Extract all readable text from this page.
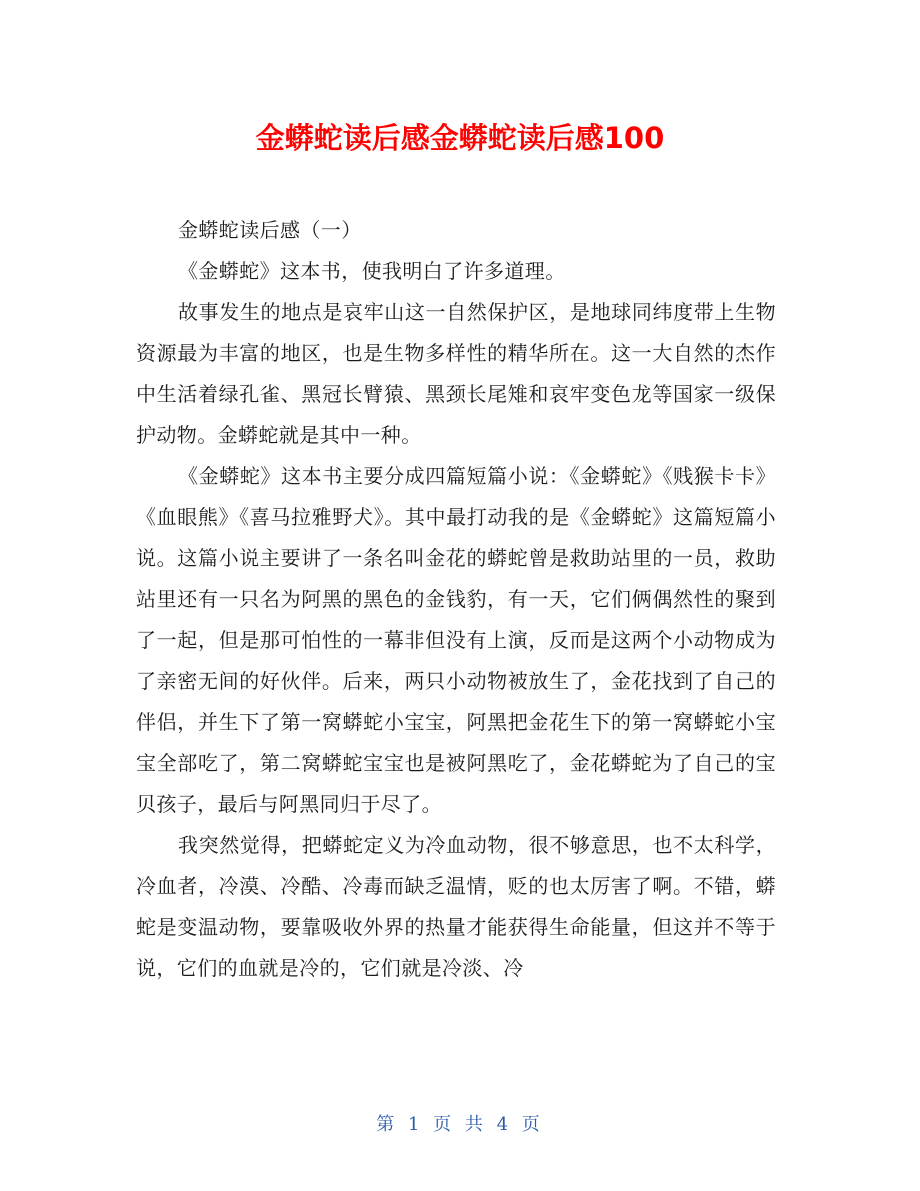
金蟒蛇读后感金蟒蛇读后感100

金蟒蛇读后感（一）

《金蟒蛇》这本书，使我明白了许多道理。

故事发生的地点是哀牢山这一自然保护区，是地球同纬度带上生物资源最为丰富的地区，也是生物多样性的精华所在。这一大自然的杰作中生活着绿孔雀、黑冠长臂猿、黑颈长尾雉和哀牢变色龙等国家一级保护动物。金蟒蛇就是其中一种。

《金蟒蛇》这本书主要分成四篇短篇小说：《金蟒蛇》《贱猴卡卡》《血眼熊》《喜马拉雅野犬》。其中最打动我的是《金蟒蛇》这篇短篇小说。这篇小说主要讲了一条名叫金花的蟒蛇曾是救助站里的一员，救助站里还有一只名为阿黑的黑色的金钱豹，有一天，它们俩偶然性的聚到了一起，但是那可怕性的一幕非但没有上演，反而是这两个小动物成为了亲密无间的好伙伴。后来，两只小动物被放生了，金花找到了自己的伴侣，并生下了第一窝蟒蛇小宝宝，阿黑把金花生下的第一窝蟒蛇小宝宝全部吃了，第二窝蟒蛇宝宝也是被阿黑吃了，金花蟒蛇为了自己的宝贝孩子，最后与阿黑同归于尽了。

我突然觉得，把蟒蛇定义为冷血动物，很不够意思，也不太科学，冷血者，冷漠、冷酷、冷毒而缺乏温情，贬的也太厉害了啊。不错，蟒蛇是变温动物，要靠吸收外界的热量才能获得生命能量，但这并不等于说，它们的血就是冷的，它们就是冷淡、冷

第 1 页 共 4 页
